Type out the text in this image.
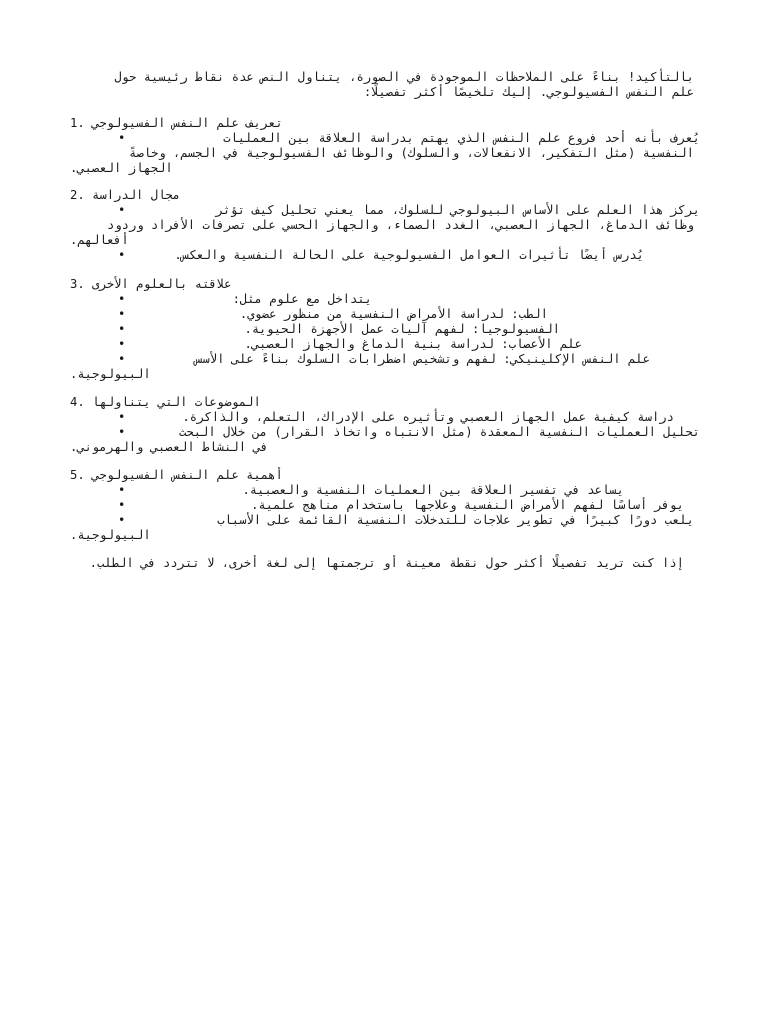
بالتأكيد! بناءً على الملاحظات الموجودة في الصورة، يتناول النص عدة نقاط رئيسية حول
علم النفس الفسيولوجي. إليك تلخيصًا أكثر تفصيلًا:
1. تعريف علم النفس الفسيولوجي
•	يُعرف بأنه أحد فروع علم النفس الذي يهتم بدراسة العلاقة بين العمليات
النفسية (مثل التفكير، الانفعالات، والسلوك) والوظائف الفسيولوجية في الجسم، وخاصةً
الجهاز العصبي.
2. مجال الدراسة
•	يركز هذا العلم على الأساس البيولوجي للسلوك، مما يعني تحليل كيف تؤثر
وظائف الدماغ، الجهاز العصبي، الغدد الصماء، والجهاز الحسي على تصرفات الأفراد وردود
أفعالهم.
•	يُدرس أيضًا تأثيرات العوامل الفسيولوجية على الحالة النفسية والعكس.
3. علاقته بالعلوم الأخرى
•	يتداخل مع علوم مثل:
•	الطب: لدراسة الأمراض النفسية من منظور عضوي.
•	الفسيولوجيا: لفهم آليات عمل الأجهزة الحيوية.
•	علم الأعصاب: لدراسة بنية الدماغ والجهاز العصبي.
•	علم النفس الإكلينيكي: لفهم وتشخيص اضطرابات السلوك بناءً على الأسس
البيولوجية.
4. الموضوعات التي يتناولها
•	دراسة كيفية عمل الجهاز العصبي وتأثيره على الإدراك، التعلم، والذاكرة.
•	تحليل العمليات النفسية المعقدة (مثل الانتباه واتخاذ القرار) من خلال البحث
في النشاط العصبي والهرموني.
5. أهمية علم النفس الفسيولوجي
•	يساعد في تفسير العلاقة بين العمليات النفسية والعصبية.
•	يوفر أساسًا لفهم الأمراض النفسية وعلاجها باستخدام مناهج علمية.
•	يلعب دورًا كبيرًا في تطوير علاجات للتدخلات النفسية القائمة على الأسباب
البيولوجية.
إذا كنت تريد تفصيلًا أكثر حول نقطة معينة أو ترجمتها إلى لغة أخرى، لا تتردد في الطلب.
